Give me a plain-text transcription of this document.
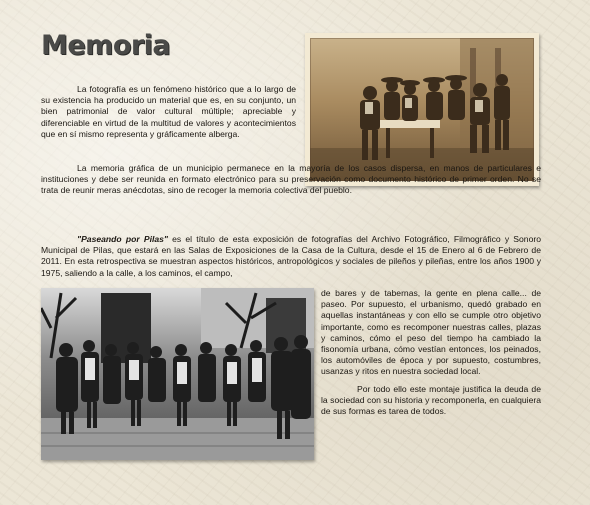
Memoria

La fotografía es un fenómeno histórico que a lo largo de su existencia ha producido un material que es, en su conjunto, un bien patrimonial de valor cultural múltiple; apreciable y diferenciable en virtud de la multitud de valores y acontecimientos que en sí mismo representa y gráficamente alberga.

La memoria gráfica de un municipio permanece en la mayoría de los casos dispersa, en manos de particulares e instituciones y debe ser reunida en formato electrónico para su preservación como documento histórico de primer orden. No se trata de reunir meras anécdotas, sino de recoger la memoria colectiva del pueblo.

"Paseando por Pilas" es el título de esta exposición de fotografías del Archivo Fotográfico, Filmográfico y Sonoro Municipal de Pilas, que estará en las Salas de Exposiciones de la Casa de la Cultura, desde el 15 de Enero al 6 de Febrero de 2011. En esta retrospectiva se muestran aspectos históricos, antropológicos y sociales de pileños y pileñas, entre los años 1900 y 1975, saliendo a la calle, a los caminos, el campo,

de bares y de tabernas, la gente en plena calle... de paseo. Por supuesto, el urbanismo, quedó grabado en aquellas instantáneas y con ello se cumple otro objetivo importante, como es recomponer nuestras calles, plazas y caminos, cómo el peso del tiempo ha cambiado la fisonomía urbana, cómo vestían entonces, los peinados, los automóviles de época y por supuesto, costumbres, usanzas y ritos en nuestra sociedad local.

Por todo ello este montaje justifica la deuda de la sociedad con su historia y recomponerla, en cualquiera de sus formas es tarea de todos.
